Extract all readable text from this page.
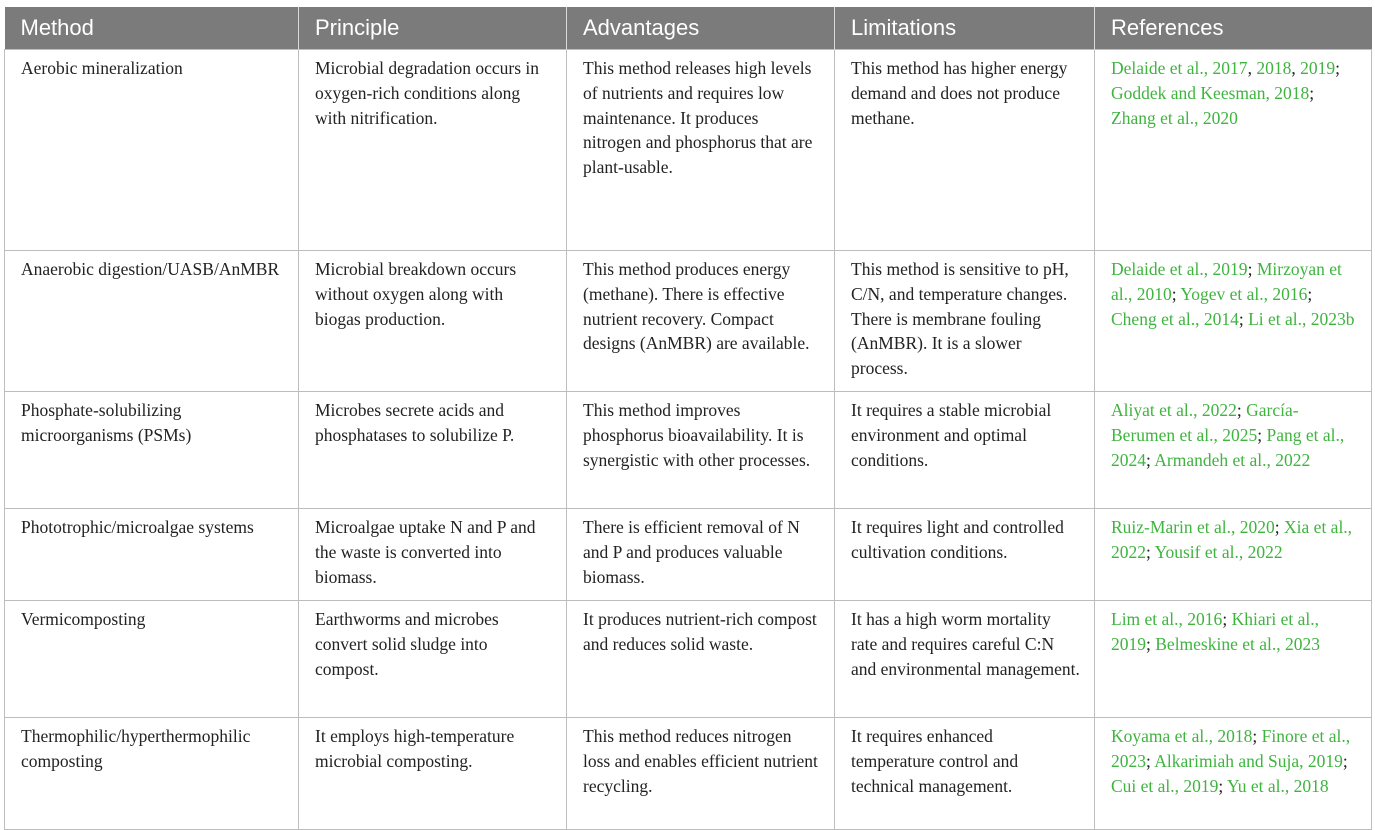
Method	Principle	Advantages	Limitations	References
Aerobic mineralization	Microbial degradation occurs in oxygen-rich conditions along with nitrification.	This method releases high levels of nutrients and requires low maintenance. It produces nitrogen and phosphorus that are plant-usable.	This method has higher energy demand and does not produce methane.	Delaide et al., 2017, 2018, 2019; Goddek and Keesman, 2018; Zhang et al., 2020
Anaerobic digestion/UASB/AnMBR	Microbial breakdown occurs without oxygen along with biogas production.	This method produces energy (methane). There is effective nutrient recovery. Compact designs (AnMBR) are available.	This method is sensitive to pH, C/N, and temperature changes. There is membrane fouling (AnMBR). It is a slower process.	Delaide et al., 2019; Mirzoyan et al., 2010; Yogev et al., 2016; Cheng et al., 2014; Li et al., 2023b
Phosphate-solubilizing microorganisms (PSMs)	Microbes secrete acids and phosphatases to solubilize P.	This method improves phosphorus bioavailability. It is synergistic with other processes.	It requires a stable microbial environment and optimal conditions.	Aliyat et al., 2022; García-Berumen et al., 2025; Pang et al., 2024; Armandeh et al., 2022
Phototrophic/microalgae systems	Microalgae uptake N and P and the waste is converted into biomass.	There is efficient removal of N and P and produces valuable biomass.	It requires light and controlled cultivation conditions.	Ruiz-Marin et al., 2020; Xia et al., 2022; Yousif et al., 2022
Vermicomposting	Earthworms and microbes convert solid sludge into compost.	It produces nutrient-rich compost and reduces solid waste.	It has a high worm mortality rate and requires careful C:N and environmental management.	Lim et al., 2016; Khiari et al., 2019; Belmeskine et al., 2023
Thermophilic/hyperthermophilic composting	It employs high-temperature microbial composting.	This method reduces nitrogen loss and enables efficient nutrient recycling.	It requires enhanced temperature control and technical management.	Koyama et al., 2018; Finore et al., 2023; Alkarimiah and Suja, 2019; Cui et al., 2019; Yu et al., 2018
